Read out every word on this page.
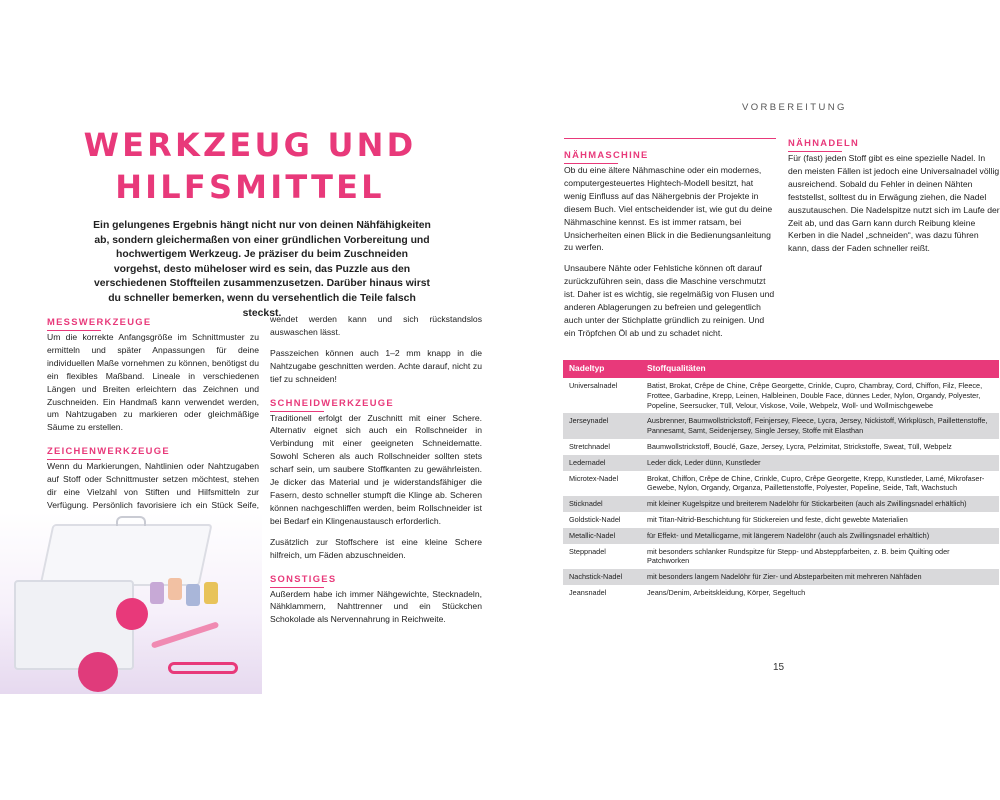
WERKZEUG UND
HILFSMITTEL
Ein gelungenes Ergebnis hängt nicht nur von deinen Nähfähigkeiten ab, sondern gleichermaßen von einer gründlichen Vorbereitung und hochwertigem Werkzeug. Je präziser du beim Zuschneiden vorgehst, desto müheloser wird es sein, das Puzzle aus den verschiedenen Stoffteilen zusammenzusetzen. Darüber hinaus wirst du schneller bemerken, wenn du versehentlich die Teile falsch steckst.
MESSWERKZEUGE

Um die korrekte Anfangsgröße im Schnittmuster zu ermitteln und später Anpassungen für deine individuellen Maße vornehmen zu können, benötigst du ein flexibles Maßband. Lineale in verschiedenen Längen und Breiten erleichtern das Zeichnen und Zuschneiden. Ein Handmaß kann verwendet werden, um Nahtzugaben zu markieren oder gleichmäßige Säume zu erstellen.

ZEICHENWERKZEUGE

Wenn du Markierungen, Nahtlinien oder Nahtzugaben auf Stoff oder Schnittmuster setzen möchtest, stehen dir eine Vielzahl von Stiften und Hilfsmitteln zur Verfügung. Persönlich favorisiere ich ein Stück Seife,

wendet werden kann und sich rückstandslos auswaschen lässt.

Passzeichen können auch 1–2 mm knapp in die Nahtzugabe geschnitten werden. Achte darauf, nicht zu tief zu schneiden!

SCHNEIDWERKZEUGE

Traditionell erfolgt der Zuschnitt mit einer Schere. Alternativ eignet sich auch ein Rollschneider in Verbindung mit einer geeigneten Schneidematte. Sowohl Scheren als auch Rollschneider sollten stets scharf sein, um saubere Stoffkanten zu gewährleisten. Je dicker das Material und je widerstandsfähiger die Fasern, desto schneller stumpft die Klinge ab. Scheren können nachgeschliffen werden, beim Rollschneider ist bei Bedarf ein Klingenaustausch erforderlich.

Zusätzlich zur Stoffschere ist eine kleine Schere hilfreich, um Fäden abzuschneiden.

SONSTIGES

Außerdem habe ich immer Nähgewichte, Stecknadeln, Nähklammern, Nahttrenner und ein Stückchen Schokolade als Nervennahrung in Reichweite.

VORBEREITUNG
NÄHMASCHINE

Ob du eine ältere Nähmaschine oder ein modernes, computergesteuertes Hightech-Modell besitzt, hat wenig Einfluss auf das Nähergebnis der Projekte in diesem Buch. Viel entscheidender ist, wie gut du deine Nähmaschine kennst. Es ist immer ratsam, bei Unsicherheiten einen Blick in die Bedienungsanleitung zu werfen.

Unsaubere Nähte oder Fehlstiche können oft darauf zurückzuführen sein, dass die Maschine verschmutzt ist. Daher ist es wichtig, sie regelmäßig von Flusen und anderen Ablagerungen zu befreien und gelegentlich auch unter der Stichplatte gründlich zu reinigen. Und ein Tröpfchen Öl ab und zu schadet nicht.

NÄHNADELN

Für (fast) jeden Stoff gibt es eine spezielle Nadel. In den meisten Fällen ist jedoch eine Universalnadel völlig ausreichend. Sobald du Fehler in deinen Nähten feststellst, solltest du in Erwägung ziehen, die Nadel auszutauschen. Die Nadelspitze nutzt sich im Laufe der Zeit ab, und das Garn kann durch Reibung kleine Kerben in die Nadel „schneiden“, was dazu führen kann, dass der Faden schneller reißt.

Nadeltyp	Stoffqualitäten
Universalnadel	Batist, Brokat, Crêpe de Chine, Crêpe Georgette, Crinkle, Cupro, Chambray, Cord, Chiffon, Filz, Fleece, Frottee, Garbadine, Krepp, Leinen, Halbleinen, Double Face, dünnes Leder, Nylon, Organdy, Polyester, Popeline, Seersucker, Tüll, Velour, Viskose, Voile, Webpelz, Woll- und Wollmischgewebe
Jerseynadel	Ausbrenner, Baumwollstrickstoff, Feinjersey, Fleece, Lycra, Jersey, Nickistoff, Wirkplüsch, Paillettenstoffe, Pannesamt, Samt, Seidenjersey, Single Jersey, Stoffe mit Elasthan
Stretchnadel	Baumwollstrickstoff, Bouclé, Gaze, Jersey, Lycra, Pelzimitat, Strickstoffe, Sweat, Tüll, Webpelz
Ledernadel	Leder dick, Leder dünn, Kunstleder
Microtex-Nadel	Brokat, Chiffon, Crêpe de Chine, Crinkle, Cupro, Crêpe Georgette, Krepp, Kunstleder, Lamé, Mikrofaser-Gewebe, Nylon, Organdy, Organza, Paillettenstoffe, Polyester, Popeline, Seide, Taft, Wachstuch
Sticknadel	mit kleiner Kugelspitze und breiterem Nadelöhr für Stickarbeiten (auch als Zwillingsnadel erhältlich)
Goldstick-Nadel	mit Titan-Nitrid-Beschichtung für Stickereien und feste, dicht gewebte Materialien
Metallic-Nadel	für Effekt- und Metallicgarne, mit längerem Nadelöhr (auch als Zwillingsnadel erhältlich)
Steppnadel	mit besonders schlanker Rundspitze für Stepp- und Absteppfarbeiten, z. B. beim Quilting oder Patchworken
Nachstick-Nadel	mit besonders langem Nadelöhr für Zier- und Absteparbeiten mit mehreren Nähfäden
Jeansnadel	Jeans/Denim, Arbeitskleidung, Körper, Segeltuch
15
